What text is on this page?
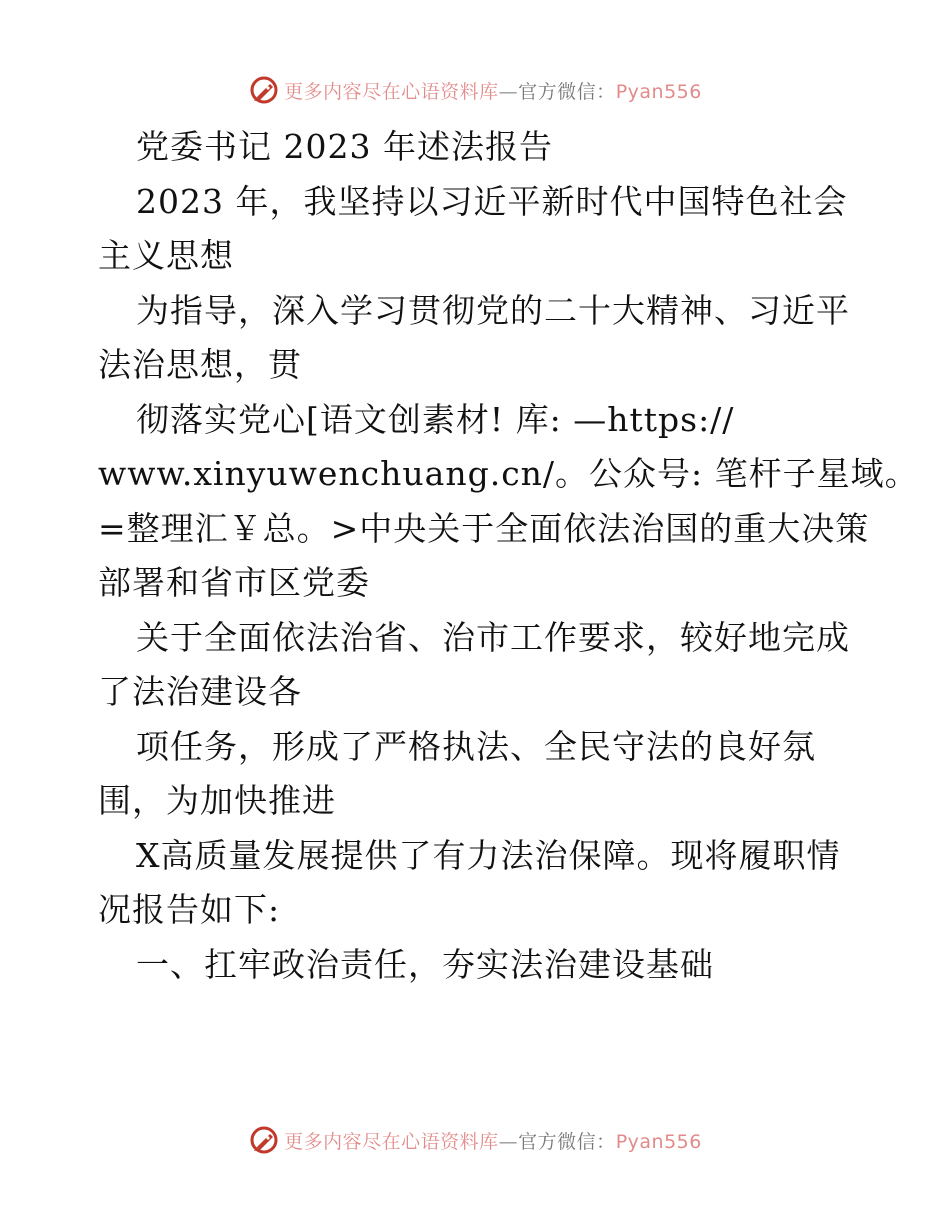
更多内容尽在心语资料库—官方微信：Pyan556
党委书记 2023 年述法报告
2023 年，我坚持以习近平新时代中国特色社会
主义思想
为指导，深入学习贯彻党的二十大精神、习近平
法治思想，贯
彻落实党心[语文创素材! 库: —https://
www.xinyuwenchuang.cn/。公众号: 笔杆子星域。
=整理汇￥总。>中央关于全面依法治国的重大决策
部署和省市区党委
关于全面依法治省、治市工作要求，较好地完成
了法治建设各
项任务，形成了严格执法、全民守法的良好氛
围，为加快推进
X高质量发展提供了有力法治保障。现将履职情
况报告如下:
一、扛牢政治责任，夯实法治建设基础
更多内容尽在心语资料库—官方微信：Pyan556
